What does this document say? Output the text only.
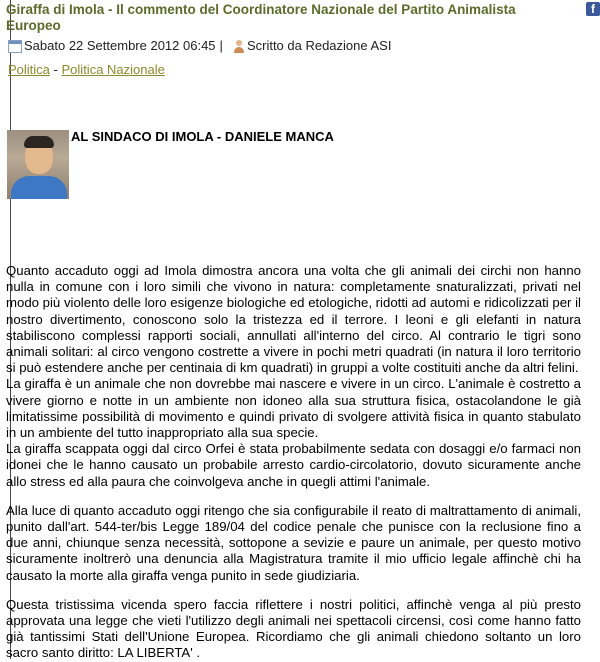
Giraffa di Imola - Il commento del Coordinatore Nazionale del Partito Animalista Europeo
f
Sabato 22 Settembre 2012 06:45 | Scritto da Redazione ASI
Politica - Politica Nazionale
AL SINDACO DI IMOLA - DANIELE MANCA

Quanto accaduto oggi ad Imola dimostra ancora una volta che gli animali dei circhi non hanno nulla in comune con i loro simili che vivono in natura: completamente snaturalizzati, privati nel modo più violento delle loro esigenze biologiche ed etologiche, ridotti ad automi e ridicolizzati per il nostro divertimento, conoscono solo la tristezza ed il terrore. I leoni e gli elefanti in natura stabiliscono complessi rapporti sociali, annullati all'interno del circo. Al contrario le tigri sono animali solitari: al circo vengono costrette a vivere in pochi metri quadrati (in natura il loro territorio si può estendere anche per centinaia di km quadrati) in gruppi a volte costituiti anche da altri felini.

La giraffa è un animale che non dovrebbe mai nascere e vivere in un circo. L'animale è costretto a vivere giorno e notte in un ambiente non idoneo alla sua struttura fisica, ostacolandone le già limitatissime possibilità di movimento e quindi privato di svolgere attività fisica in quanto stabulato in un ambiente del tutto inappropriato alla sua specie.

La giraffa scappata oggi dal circo Orfei è stata probabilmente sedata con dosaggi e/o farmaci non idonei che le hanno causato un probabile arresto cardio-circolatorio, dovuto sicuramente anche allo stress ed alla paura che coinvolgeva anche in quegli attimi l'animale.

Alla luce di quanto accaduto oggi ritengo che sia configurabile il reato di maltrattamento di animali, punito dall'art. 544-ter/bis Legge 189/04 del codice penale che punisce con la reclusione fino a due anni, chiunque senza necessità, sottopone a sevizie e paure un animale, per questo motivo sicuramente inoltrerò una denuncia alla Magistratura tramite il mio ufficio legale affinchè chi ha causato la morte alla giraffa venga punito in sede giudiziaria.

Questa tristissima vicenda spero faccia riflettere i nostri politici, affinchè venga al più presto approvata una legge che vieti l'utilizzo degli animali nei spettacoli circensi, così come hanno fatto già tantissimi Stati dell'Unione Europea. Ricordiamo che gli animali chiedono soltanto un loro sacro santo diritto: LA LIBERTA' .
